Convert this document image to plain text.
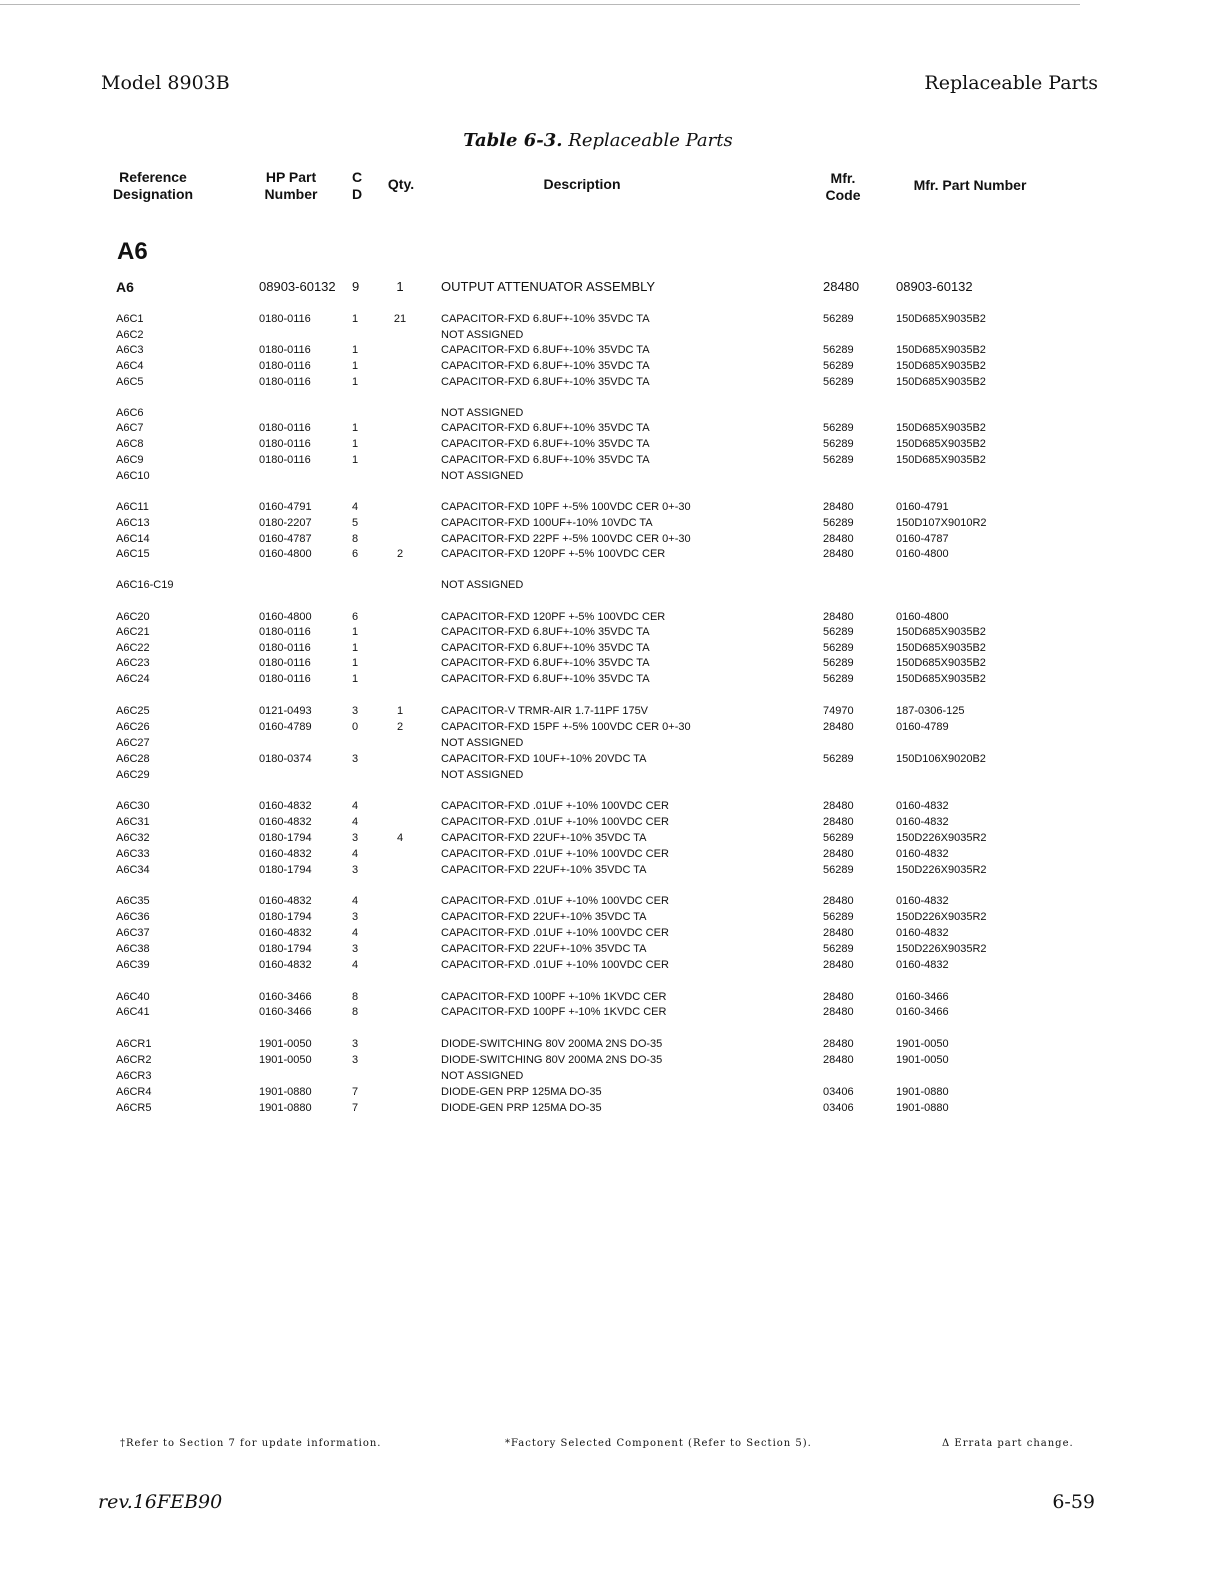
Model 8903B	Replaceable Parts
Table 6-3. Replaceable Parts
Reference
Designation
HP Part
Number
C
D
Qty.	Description	Mfr.
Code
Mfr. Part Number
A6
A6	08903-60132 9	1	OUTPUT ATTENUATOR ASSEMBLY	28480	08903-60132
A6C1	0180-0116	1	21	CAPACITOR-FXD 6.8UF+-10% 35VDC TA	56289	150D685X9035B2
A6C2	NOT ASSIGNED
A6C3	0180-0116	1	CAPACITOR-FXD 6.8UF+-10% 35VDC TA	56289	150D685X9035B2
A6C4	0180-0116	1	CAPACITOR-FXD 6.8UF+-10% 35VDC TA	56289	150D685X9035B2
A6C5	0180-0116	1	CAPACITOR-FXD 6.8UF+-10% 35VDC TA	56289	150D685X9035B2
A6C6	NOT ASSIGNED
A6C7	0180-0116	1	CAPACITOR-FXD 6.8UF+-10% 35VDC TA	56289	150D685X9035B2
A6C8	0180-0116	1	CAPACITOR-FXD 6.8UF+-10% 35VDC TA	56289	150D685X9035B2
A6C9	0180-0116	1	CAPACITOR-FXD 6.8UF+-10% 35VDC TA	56289	150D685X9035B2
A6C10	NOT ASSIGNED
A6C11	0160-4791	4	CAPACITOR-FXD 10PF +-5% 100VDC CER 0+-30	28480	0160-4791
A6C13	0180-2207	5	CAPACITOR-FXD 100UF+-10% 10VDC TA	56289	150D107X9010R2
A6C14	0160-4787	8	CAPACITOR-FXD 22PF +-5% 100VDC CER 0+-30	28480	0160-4787
A6C15	0160-4800	6	2	CAPACITOR-FXD 120PF +-5% 100VDC CER	28480	0160-4800
A6C16-C19	NOT ASSIGNED
A6C20	0160-4800	6	CAPACITOR-FXD 120PF +-5% 100VDC CER	28480	0160-4800
A6C21	0180-0116	1	CAPACITOR-FXD 6.8UF+-10% 35VDC TA	56289	150D685X9035B2
A6C22	0180-0116	1	CAPACITOR-FXD 6.8UF+-10% 35VDC TA	56289	150D685X9035B2
A6C23	0180-0116	1	CAPACITOR-FXD 6.8UF+-10% 35VDC TA	56289	150D685X9035B2
A6C24	0180-0116	1	CAPACITOR-FXD 6.8UF+-10% 35VDC TA	56289	150D685X9035B2
A6C25	0121-0493	3	1	CAPACITOR-V TRMR-AIR 1.7-11PF 175V	74970	187-0306-125
A6C26	0160-4789	0	2	CAPACITOR-FXD 15PF +-5% 100VDC CER 0+-30	28480	0160-4789
A6C27	NOT ASSIGNED
A6C28	0180-0374	3	CAPACITOR-FXD 10UF+-10% 20VDC TA	56289	150D106X9020B2
A6C29	NOT ASSIGNED
A6C30	0160-4832	4	CAPACITOR-FXD .01UF +-10% 100VDC CER	28480	0160-4832
A6C31	0160-4832	4	CAPACITOR-FXD .01UF +-10% 100VDC CER	28480	0160-4832
A6C32	0180-1794	3	4	CAPACITOR-FXD 22UF+-10% 35VDC TA	56289	150D226X9035R2
A6C33	0160-4832	4	CAPACITOR-FXD .01UF +-10% 100VDC CER	28480	0160-4832
A6C34	0180-1794	3	CAPACITOR-FXD 22UF+-10% 35VDC TA	56289	150D226X9035R2
A6C35	0160-4832	4	CAPACITOR-FXD .01UF +-10% 100VDC CER	28480	0160-4832
A6C36	0180-1794	3	CAPACITOR-FXD 22UF+-10% 35VDC TA	56289	150D226X9035R2
A6C37	0160-4832	4	CAPACITOR-FXD .01UF +-10% 100VDC CER	28480	0160-4832
A6C38	0180-1794	3	CAPACITOR-FXD 22UF+-10% 35VDC TA	56289	150D226X9035R2
A6C39	0160-4832	4	CAPACITOR-FXD .01UF +-10% 100VDC CER	28480	0160-4832
A6C40	0160-3466	8	CAPACITOR-FXD 100PF +-10% 1KVDC CER	28480	0160-3466
A6C41	0160-3466	8	CAPACITOR-FXD 100PF +-10% 1KVDC CER	28480	0160-3466
A6CR1	1901-0050	3	DIODE-SWITCHING 80V 200MA 2NS DO-35	28480	1901-0050
A6CR2	1901-0050	3	DIODE-SWITCHING 80V 200MA 2NS DO-35	28480	1901-0050
A6CR3	NOT ASSIGNED
A6CR4	1901-0880	7	DIODE-GEN PRP 125MA DO-35	03406	1901-0880
A6CR5	1901-0880	7	DIODE-GEN PRP 125MA DO-35	03406	1901-0880
†Refer to Section 7 for update information.	*Factory Selected Component (Refer to Section 5).	Δ Errata part change.
rev.16FEB90	6-59
